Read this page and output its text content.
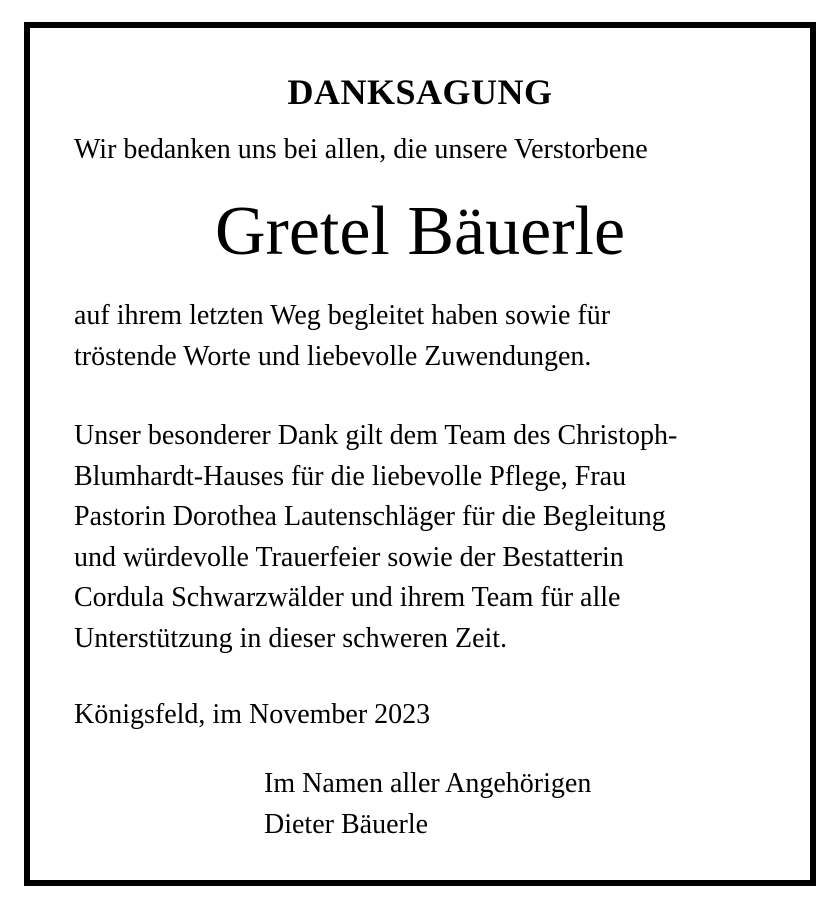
DANKSAGUNG

Wir bedanken uns bei allen, die unsere Verstorbene

Gretel Bäuerle

auf ihrem letzten Weg begleitet haben sowie für
tröstende Worte und liebevolle Zuwendungen.

Unser besonderer Dank gilt dem Team des Christoph-
Blumhardt-Hauses für die liebevolle Pflege, Frau
Pastorin Dorothea Lautenschläger für die Begleitung
und würdevolle Trauerfeier sowie der Bestatterin
Cordula Schwarzwälder und ihrem Team für alle
Unterstützung in dieser schweren Zeit.

Königsfeld, im November 2023

Im Namen aller Angehörigen
Dieter Bäuerle
